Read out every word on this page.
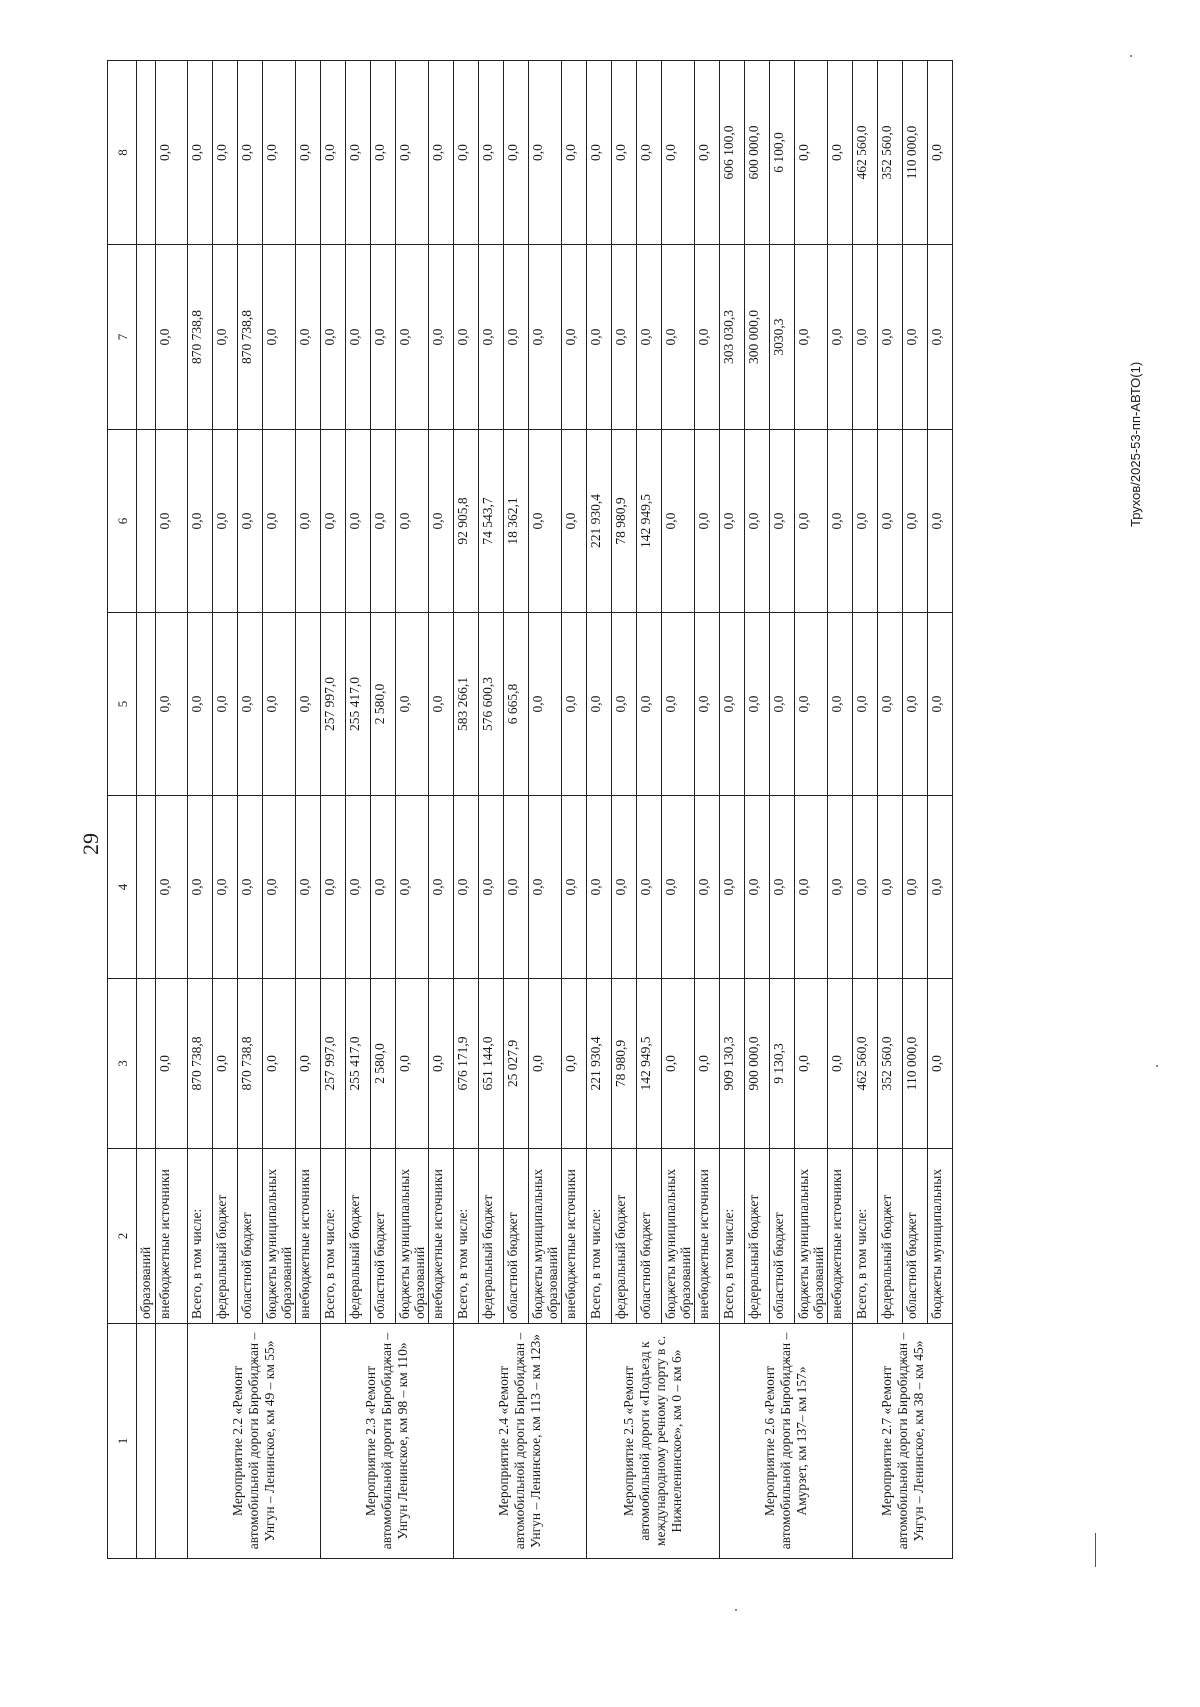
29
1	2	3	4	5	6	7	8
	образований						
	внебюджетные источники	0,0	0,0	0,0	0,0	0,0	0,0
Мероприятие 2.2 «Ремонт автомобильной дороги Биробиджан – Унгун – Ленинское, км 49 – км 55»	Всего, в том числе:	870 738,8	0,0	0,0	0,0	870 738,8	0,0
	федеральный бюджет	0,0	0,0	0,0	0,0	0,0	0,0
	областной бюджет	870 738,8	0,0	0,0	0,0	870 738,8	0,0
	бюджеты муниципальных образований	0,0	0,0	0,0	0,0	0,0	0,0
	внебюджетные источники	0,0	0,0	0,0	0,0	0,0	0,0
Мероприятие 2.3 «Ремонт автомобильной дороги Биробиджан – Унгун Ленинское, км 98 – км 110»	Всего, в том числе:	257 997,0	0,0	257 997,0	0,0	0,0	0,0
	федеральный бюджет	255 417,0	0,0	255 417,0	0,0	0,0	0,0
	областной бюджет	2 580,0	0,0	2 580,0	0,0	0,0	0,0
	бюджеты муниципальных образований	0,0	0,0	0,0	0,0	0,0	0,0
	внебюджетные источники	0,0	0,0	0,0	0,0	0,0	0,0
Мероприятие 2.4 «Ремонт автомобильной дороги Биробиджан – Унгун – Ленинское, км 113 – км 123»	Всего, в том числе:	676 171,9	0,0	583 266,1	92 905,8	0,0	0,0
	федеральный бюджет	651 144,0	0,0	576 600,3	74 543,7	0,0	0,0
	областной бюджет	25 027,9	0,0	6 665,8	18 362,1	0,0	0,0
	бюджеты муниципальных образований	0,0	0,0	0,0	0,0	0,0	0,0
	внебюджетные источники	0,0	0,0	0,0	0,0	0,0	0,0
Мероприятие 2.5 «Ремонт автомобильной дороги «Подъезд к международному речному порту в с. Нижнеленинское», км 0 – км 6»	Всего, в том числе:	221 930,4	0,0	0,0	221 930,4	0,0	0,0
	федеральный бюджет	78 980,9	0,0	0,0	78 980,9	0,0	0,0
	областной бюджет	142 949,5	0,0	0,0	142 949,5	0,0	0,0
	бюджеты муниципальных образований	0,0	0,0	0,0	0,0	0,0	0,0
	внебюджетные источники	0,0	0,0	0,0	0,0	0,0	0,0
Мероприятие 2.6 «Ремонт автомобильной дороги Биробиджан – Амурзет, км 137– км 157»	Всего, в том числе:	909 130,3	0,0	0,0	0,0	303 030,3	606 100,0
	федеральный бюджет	900 000,0	0,0	0,0	0,0	300 000,0	600 000,0
	областной бюджет	9 130,3	0,0	0,0	0,0	3030,3	6 100,0
	бюджеты муниципальных образований	0,0	0,0	0,0	0,0	0,0	0,0
	внебюджетные источники	0,0	0,0	0,0	0,0	0,0	0,0
Мероприятие 2.7 «Ремонт автомобильной дороги Биробиджан – Унгун – Ленинское, км 38 – км 45»	Всего, в том числе:	462 560,0	0,0	0,0	0,0	0,0	462 560,0
	федеральный бюджет	352 560,0	0,0	0,0	0,0	0,0	352 560,0
	областной бюджет	110 000,0	0,0	0,0	0,0	0,0	110 000,0
	бюджеты муниципальных	0,0	0,0	0,0	0,0	0,0	0,0
Трухов/2025-53-пп-АВТО(1)
